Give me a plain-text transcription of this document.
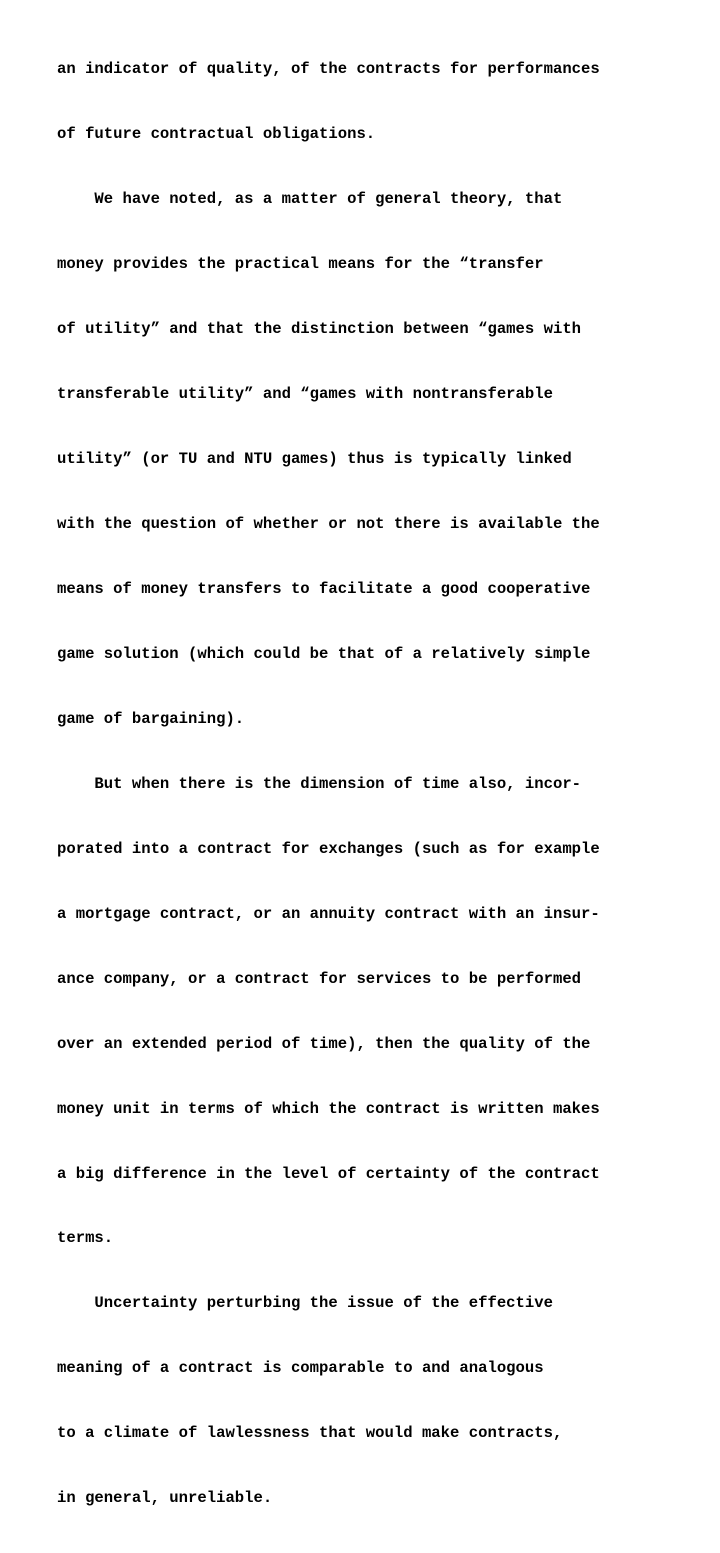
an indicator of quality, of the contracts for performances

of future contractual obligations.

We have noted, as a matter of general theory, that

money provides the practical means for the “transfer

of utility” and that the distinction between “games with

transferable utility” and “games with nontransferable

utility” (or TU and NTU games) thus is typically linked

with the question of whether or not there is available the

means of money transfers to facilitate a good cooperative

game solution (which could be that of a relatively simple

game of bargaining).

But when there is the dimension of time also, incor-

porated into a contract for exchanges (such as for example

a mortgage contract, or an annuity contract with an insur-

ance company, or a contract for services to be performed

over an extended period of time), then the quality of the

money unit in terms of which the contract is written makes

a big difference in the level of certainty of the contract

terms.

Uncertainty perturbing the issue of the effective

meaning of a contract is comparable to and analogous

to a climate of lawlessness that would make contracts,

in general, unreliable.
